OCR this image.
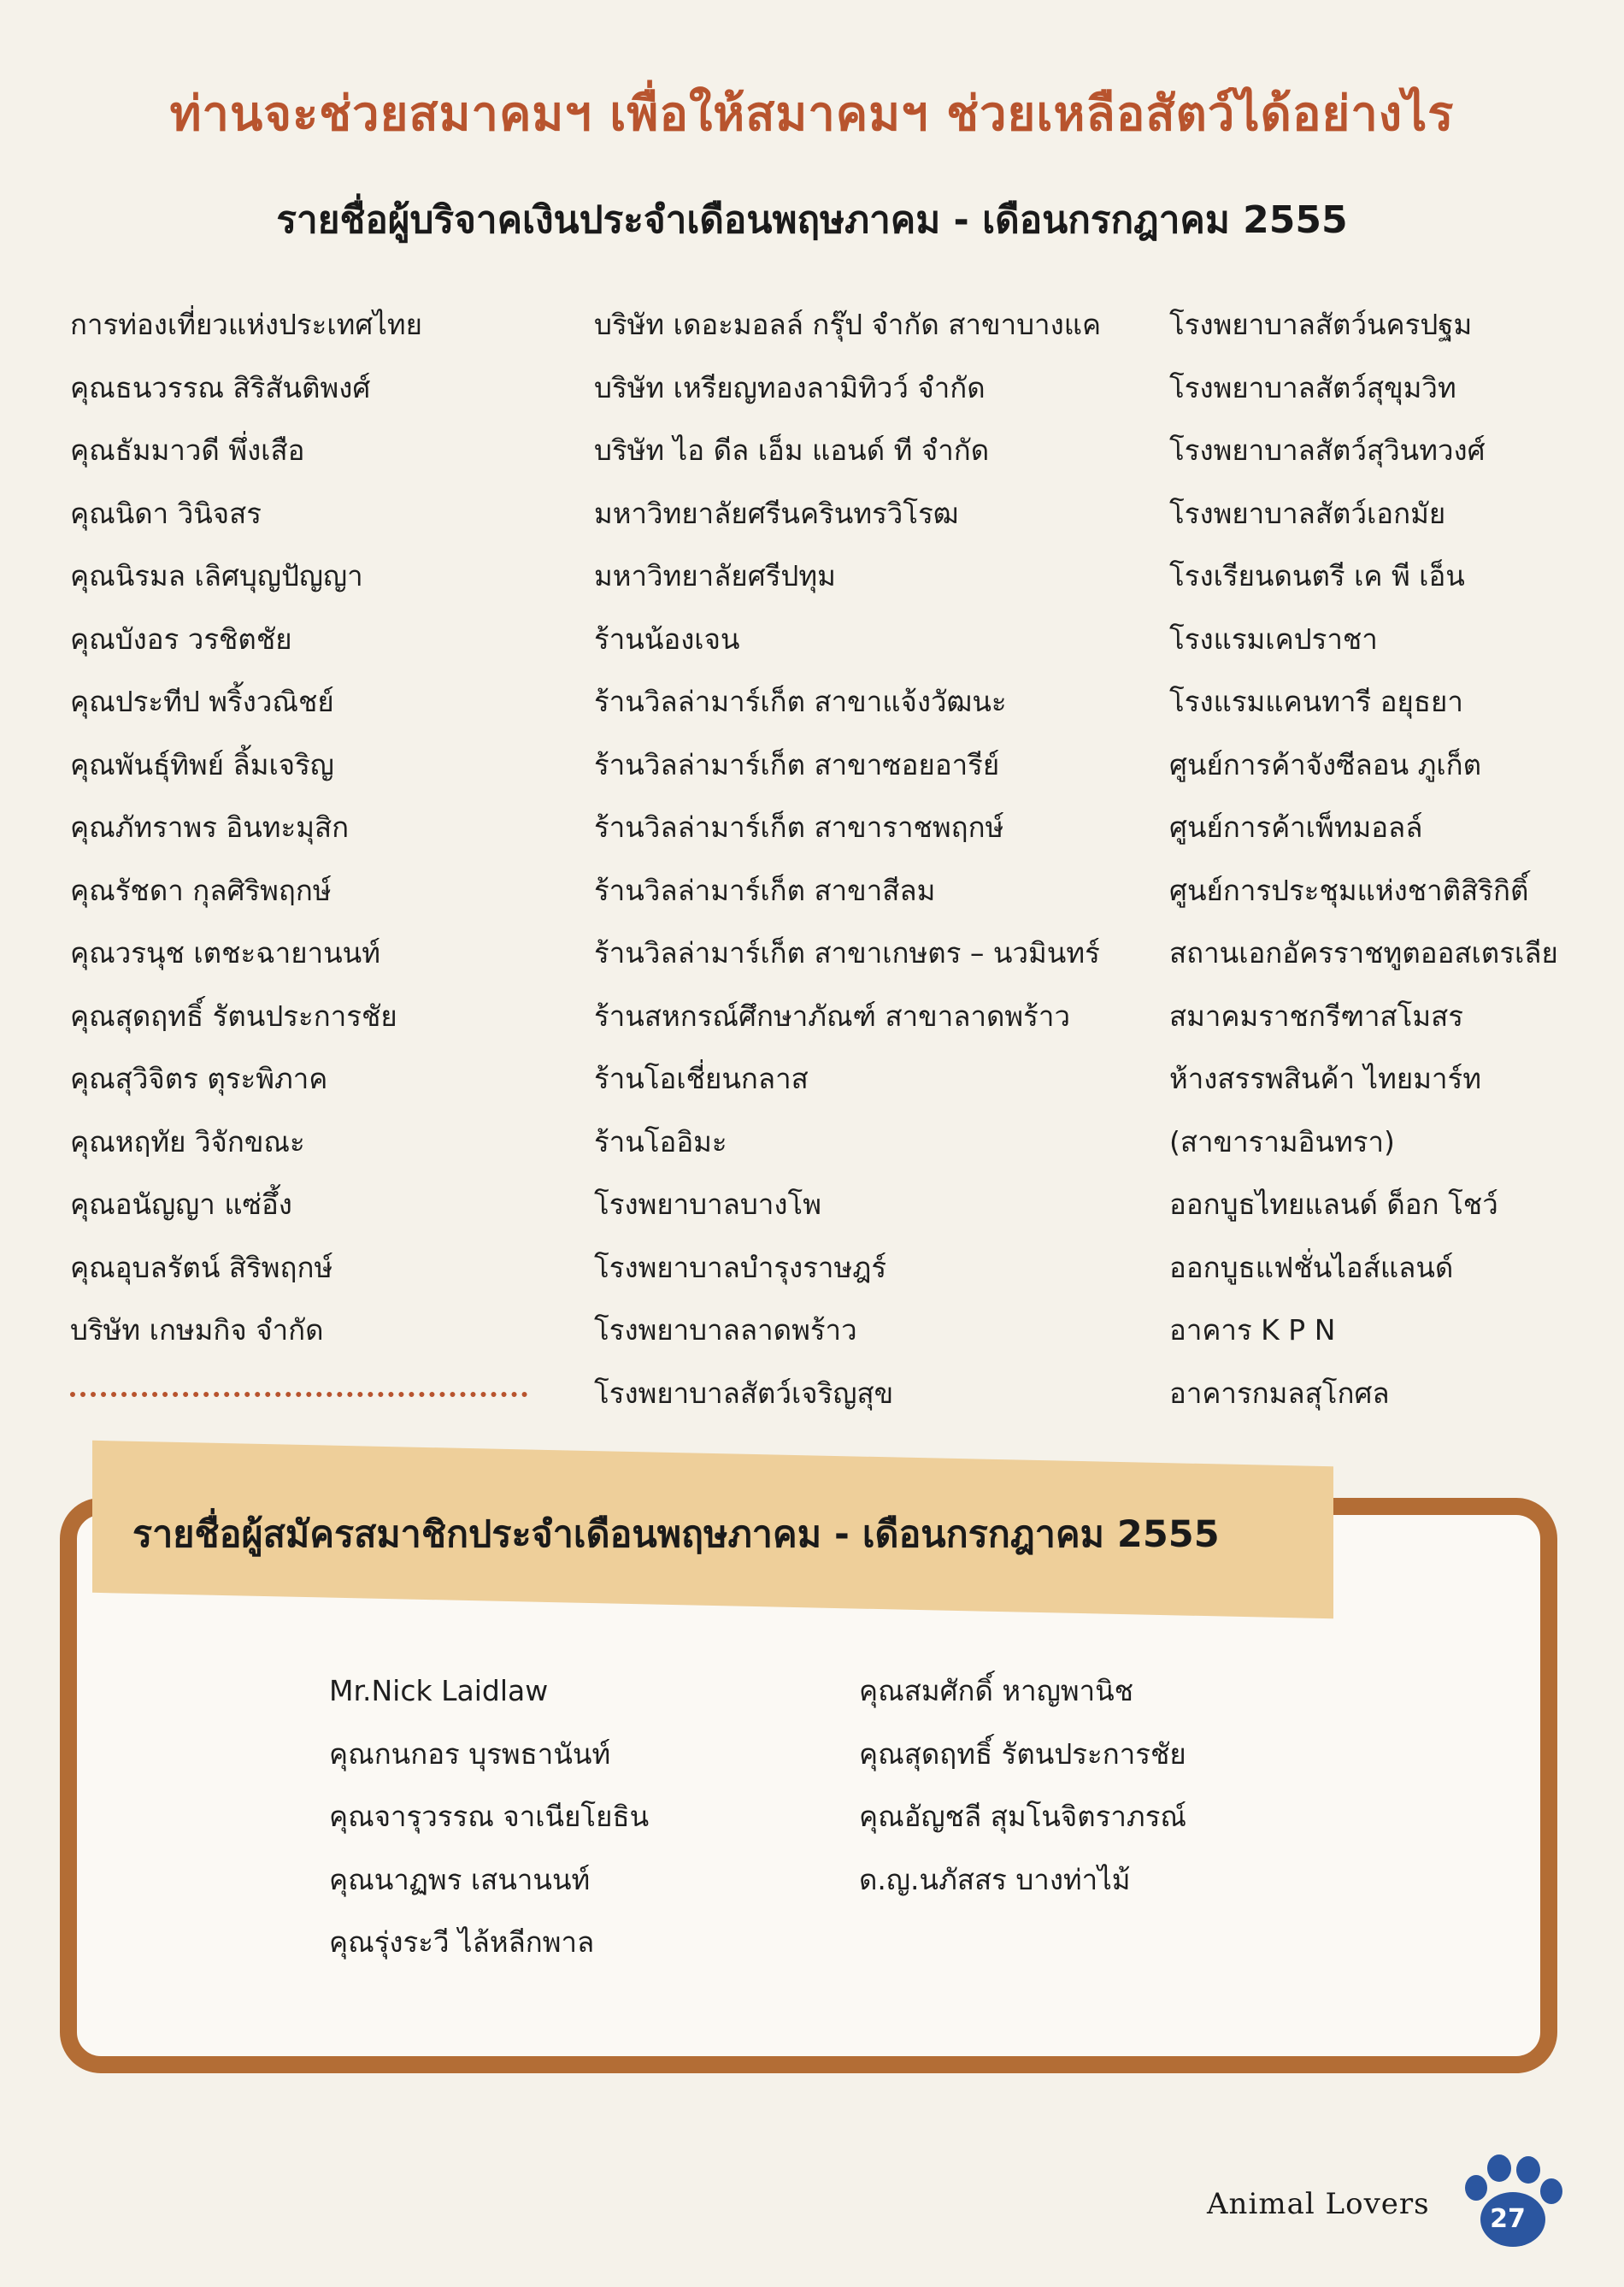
ท่านจะช่วยสมาคมฯ เพื่อให้สมาคมฯ ช่วยเหลือสัตว์ได้อย่างไร
รายชื่อผู้บริจาคเงินประจำเดือนพฤษภาคม - เดือนกรกฎาคม 2555
การท่องเที่ยวแห่งประเทศไทย
คุณธนวรรณ สิริสันติพงศ์
คุณธัมมาวดี พึ่งเสือ
คุณนิดา วินิจสร
คุณนิรมล เลิศบุญปัญญา
คุณบังอร วรชิตชัย
คุณประทีป พริ้งวณิชย์
คุณพันธุ์ทิพย์ ลิ้มเจริญ
คุณภัทราพร อินทะมุสิก
คุณรัชดา กุลศิริพฤกษ์
คุณวรนุช เตชะฉายานนท์
คุณสุดฤทธิ์ รัตนประการชัย
คุณสุวิจิตร ตุระพิภาค
คุณหฤทัย วิจักขณะ
คุณอนัญญา แซ่อึ้ง
คุณอุบลรัตน์ สิริพฤกษ์
บริษัท เกษมกิจ จำกัด
บริษัท เดอะมอลล์ กรุ๊ป จำกัด สาขาบางแค
บริษัท เหรียญทองลามิทิวว์ จำกัด
บริษัท ไอ ดีล เอ็ม แอนด์ ที จำกัด
มหาวิทยาลัยศรีนครินทรวิโรฒ
มหาวิทยาลัยศรีปทุม
ร้านน้องเจน
ร้านวิลล่ามาร์เก็ต สาขาแจ้งวัฒนะ
ร้านวิลล่ามาร์เก็ต สาขาซอยอารีย์
ร้านวิลล่ามาร์เก็ต สาขาราชพฤกษ์
ร้านวิลล่ามาร์เก็ต สาขาสีลม
ร้านวิลล่ามาร์เก็ต สาขาเกษตร – นวมินทร์
ร้านสหกรณ์ศึกษาภัณฑ์ สาขาลาดพร้าว
ร้านโอเชี่ยนกลาส
ร้านโออิมะ
โรงพยาบาลบางโพ
โรงพยาบาลบำรุงราษฎร์
โรงพยาบาลลาดพร้าว
โรงพยาบาลสัตว์เจริญสุข
โรงพยาบาลสัตว์นครปฐม
โรงพยาบาลสัตว์สุขุมวิท
โรงพยาบาลสัตว์สุวินทวงศ์
โรงพยาบาลสัตว์เอกมัย
โรงเรียนดนตรี เค พี เอ็น
โรงแรมเคปราชา
โรงแรมแคนทารี อยุธยา
ศูนย์การค้าจังซีลอน ภูเก็ต
ศูนย์การค้าเพ็ทมอลล์
ศูนย์การประชุมแห่งชาติสิริกิติ์
สถานเอกอัครราชทูตออสเตรเลีย
สมาคมราชกรีฑาสโมสร
ห้างสรรพสินค้า ไทยมาร์ท
(สาขารามอินทรา)
ออกบูธไทยแลนด์ ด็อก โชว์
ออกบูธแฟชั่นไอส์แลนด์
อาคาร K P N
อาคารกมลสุโกศล
รายชื่อผู้สมัครสมาชิกประจำเดือนพฤษภาคม - เดือนกรกฎาคม 2555
Mr.Nick Laidlaw
คุณกนกอร บุรพธานันท์
คุณจารุวรรณ จาเนียโยธิน
คุณนาฏพร เสนานนท์
คุณรุ่งระวี ไล้หลีกพาล
คุณสมศักดิ์ หาญพานิช
คุณสุดฤทธิ์ รัตนประการชัย
คุณอัญชลี สุมโนจิตราภรณ์
ด.ญ.นภัสสร บางท่าไม้
Animal Lovers	27
